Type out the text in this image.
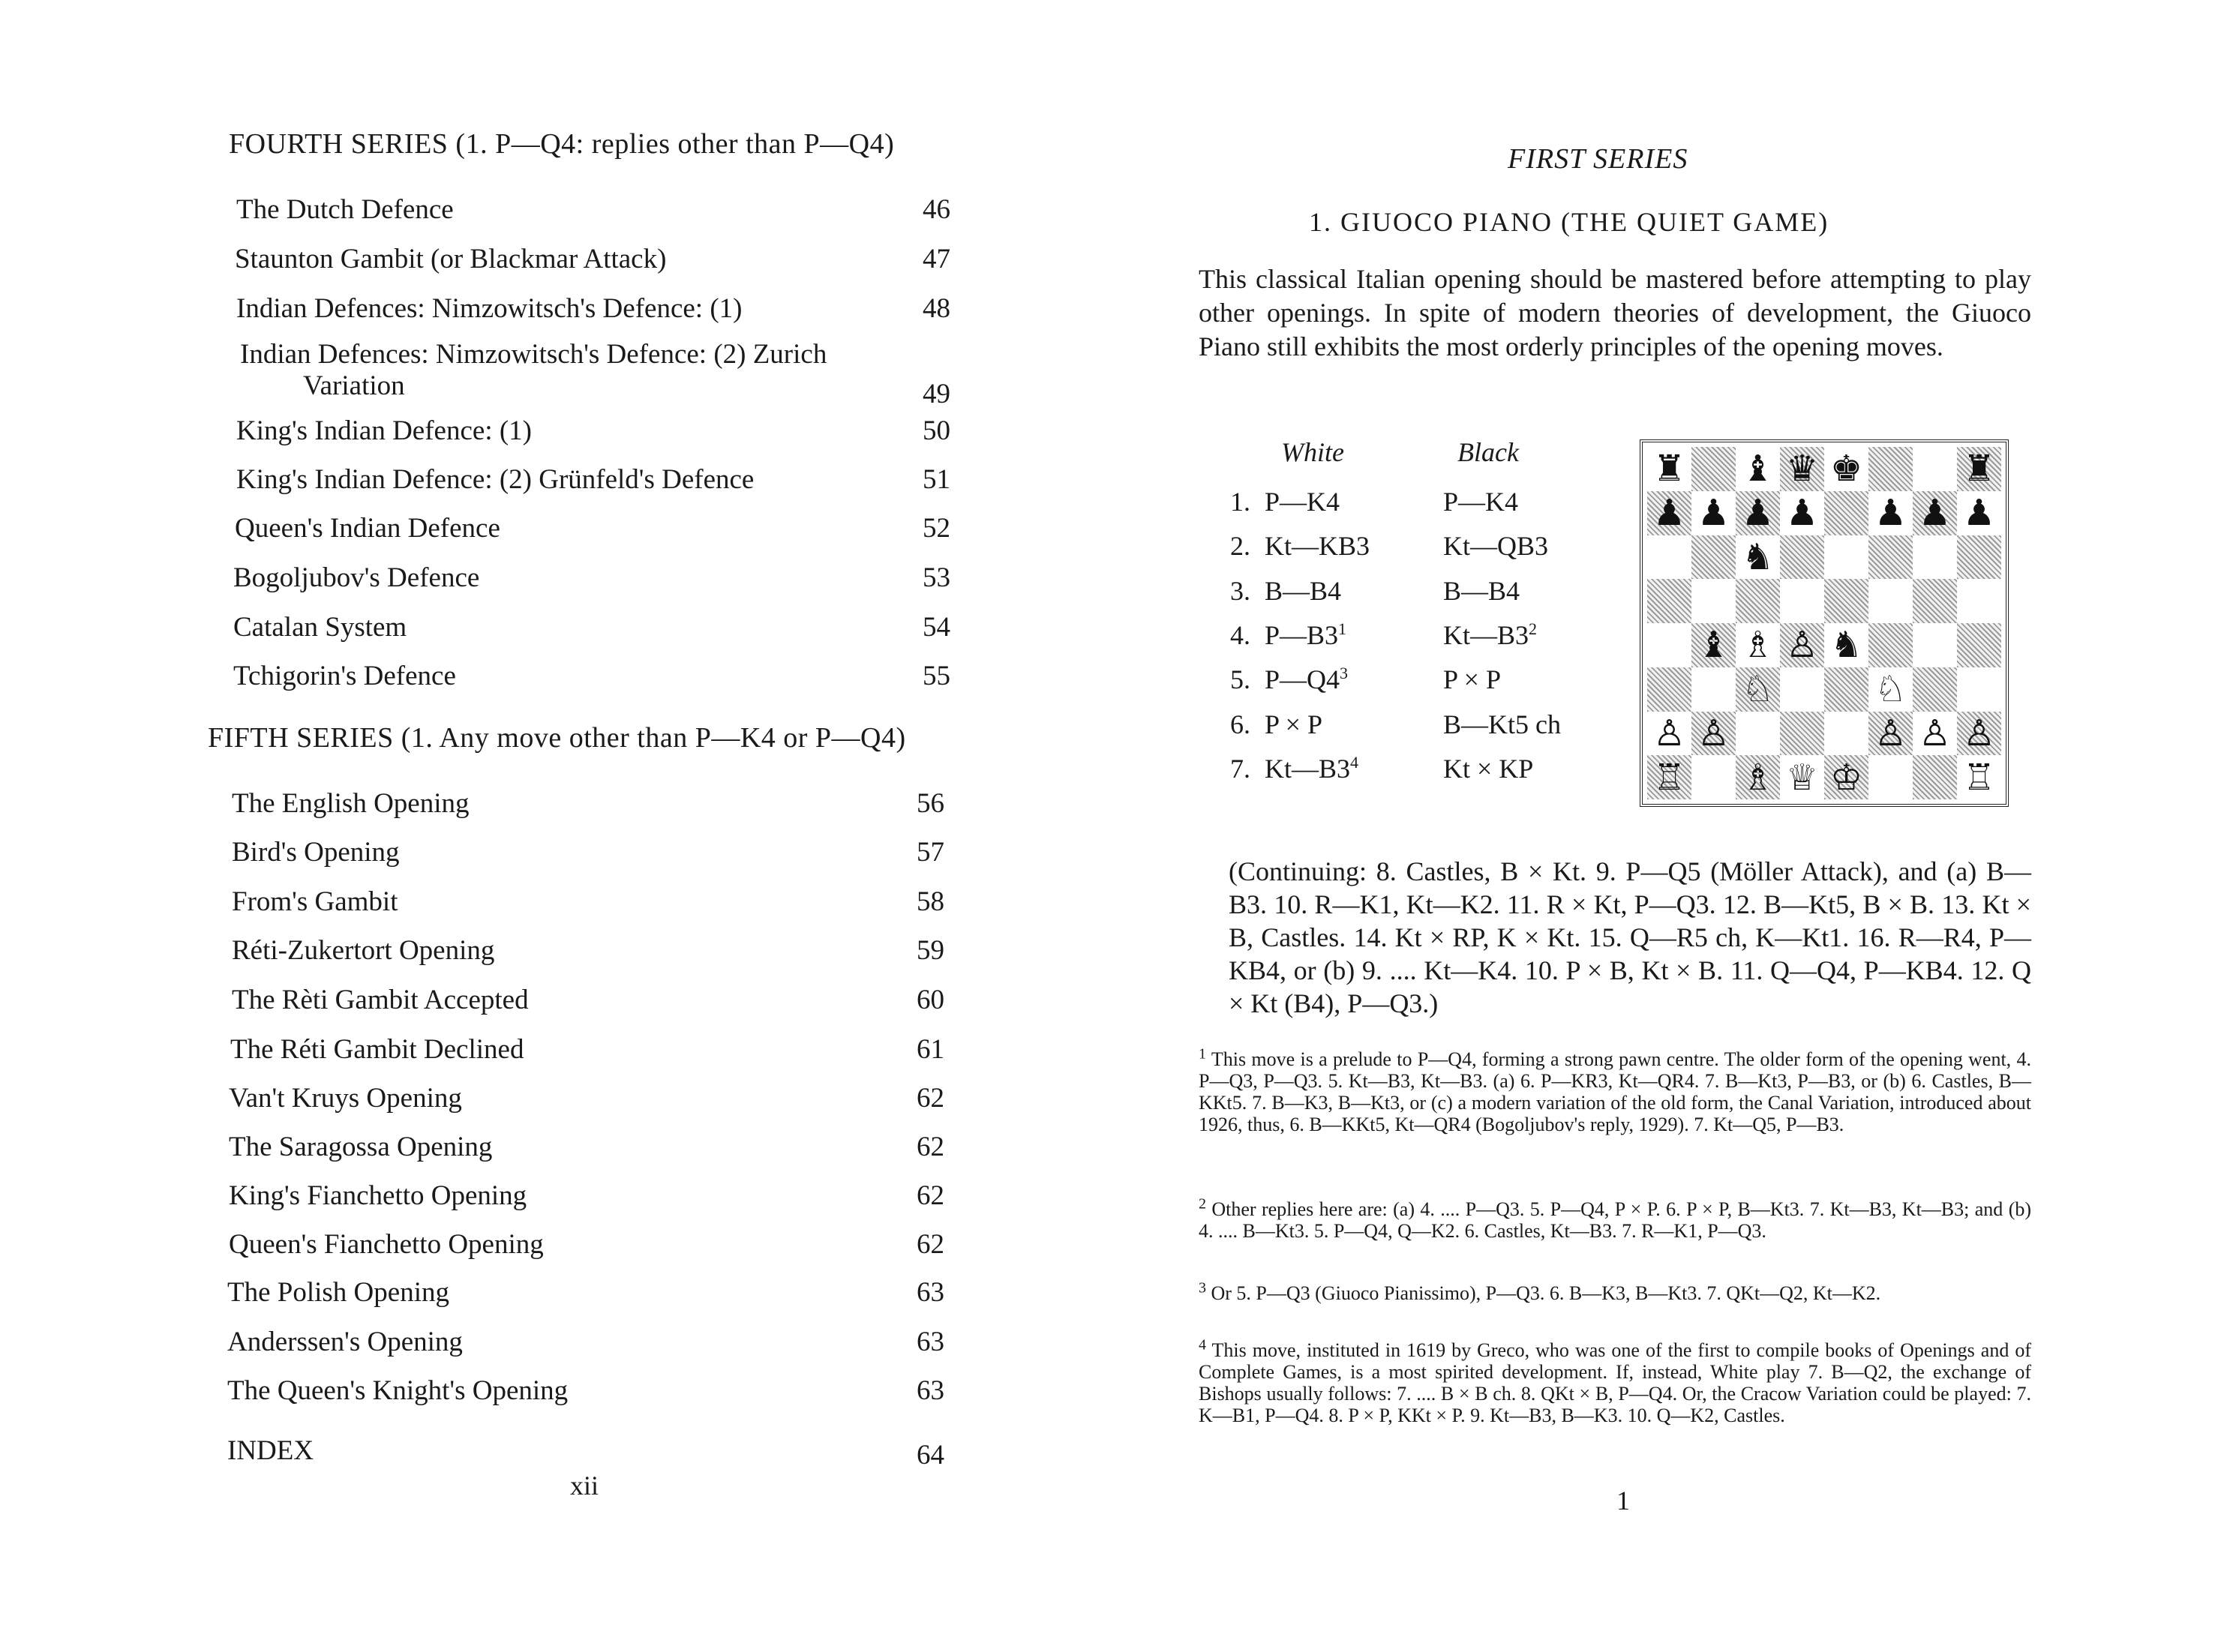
FOURTH SERIES (1. P—Q4: replies other than P—Q4)
The Dutch Defence	46
Staunton Gambit (or Blackmar Attack)	47
Indian Defences: Nimzowitsch's Defence: (1)	48
Indian Defences: Nimzowitsch's Defence: (2) Zurich
Variation	49
King's Indian Defence: (1)	50
King's Indian Defence: (2) Grünfeld's Defence	51
Queen's Indian Defence	52
Bogoljubov's Defence	53
Catalan System	54
Tchigorin's Defence	55
FIFTH SERIES (1. Any move other than P—K4 or P—Q4)
The English Opening	56
Bird's Opening	57
From's Gambit	58
Réti-Zukertort Opening	59
The Rèti Gambit Accepted	60
The Réti Gambit Declined	61
Van't Kruys Opening	62
The Saragossa Opening	62
King's Fianchetto Opening	62
Queen's Fianchetto Opening	62
The Polish Opening	63
Anderssen's Opening	63
The Queen's Knight's Opening	63
INDEX	64
xii
FIRST SERIES
1. GIUOCO PIANO (THE QUIET GAME)
This classical Italian opening should be mastered before attempting to play other openings. In spite of modern theories of development, the Giuoco Piano still exhibits the most orderly principles of the opening moves.
White	Black
1. P—K4	P—K4
2. Kt—KB3	Kt—QB3
3. B—B4	B—B4
4. $P—B3^1$	$Kt—B3^2$
5. $P—Q4^3$	P × P
6. P × P	B—Kt5 ch
7. $Kt—B3^4$	Kt × KP
♜ ♝ ♛ ♚	♜
♟ ♟ ♟ ♟ ♟ ♟ ♟
♞
♝ ♗ ♙ ♞
♘	♘
♙ ♙	♙ ♙ ♙
♖ ♗ ♕ ♔	♖
(Continuing: 8. Castles, B × Kt. 9. P—Q5 (Möller Attack), and (a) B—B3. 10. R—K1, Kt—K2. 11. R × Kt, P—Q3. 12. B—Kt5, B × B. 13. Kt × B, Castles. 14. Kt × RP, K × Kt. 15. Q—R5 ch, K—Kt1. 16. R—R4, P—KB4, or (b) 9. .... Kt—K4. 10. P × B, Kt × B. 11. Q—Q4, P—KB4. 12. Q × Kt (B4), P—Q3.)
$^1$ This move is a prelude to P—Q4, forming a strong pawn centre. The older form of the opening went, 4. P—Q3, P—Q3. 5. Kt—B3, Kt—B3. (a) 6. P—KR3, Kt—QR4. 7. B—Kt3, P—B3, or (b) 6. Castles, B—KKt5. 7. B—K3, B—Kt3, or (c) a modern variation of the old form, the Canal Variation, introduced about 1926, thus, 6. B—KKt5, Kt—QR4 (Bogoljubov's reply, 1929). 7. Kt—Q5, P—B3.
$^2$ Other replies here are: (a) 4. .... P—Q3. 5. P—Q4, P × P. 6. P × P, B—Kt3. 7. Kt—B3, Kt—B3; and (b) 4. .... B—Kt3. 5. P—Q4, Q—K2. 6. Castles, Kt—B3. 7. R—K1, P—Q3.
$^3$ Or 5. P—Q3 (Giuoco Pianissimo), P—Q3. 6. B—K3, B—Kt3. 7. QKt—Q2, Kt—K2.
$^4$ This move, instituted in 1619 by Greco, who was one of the first to compile books of Openings and of Complete Games, is a most spirited development. If, instead, White play 7. B—Q2, the exchange of Bishops usually follows: 7. .... B × B ch. 8. QKt × B, P—Q4. Or, the Cracow Variation could be played: 7. K—B1, P—Q4. 8. P × P, KKt × P. 9. Kt—B3, B—K3. 10. Q—K2, Castles.
1
